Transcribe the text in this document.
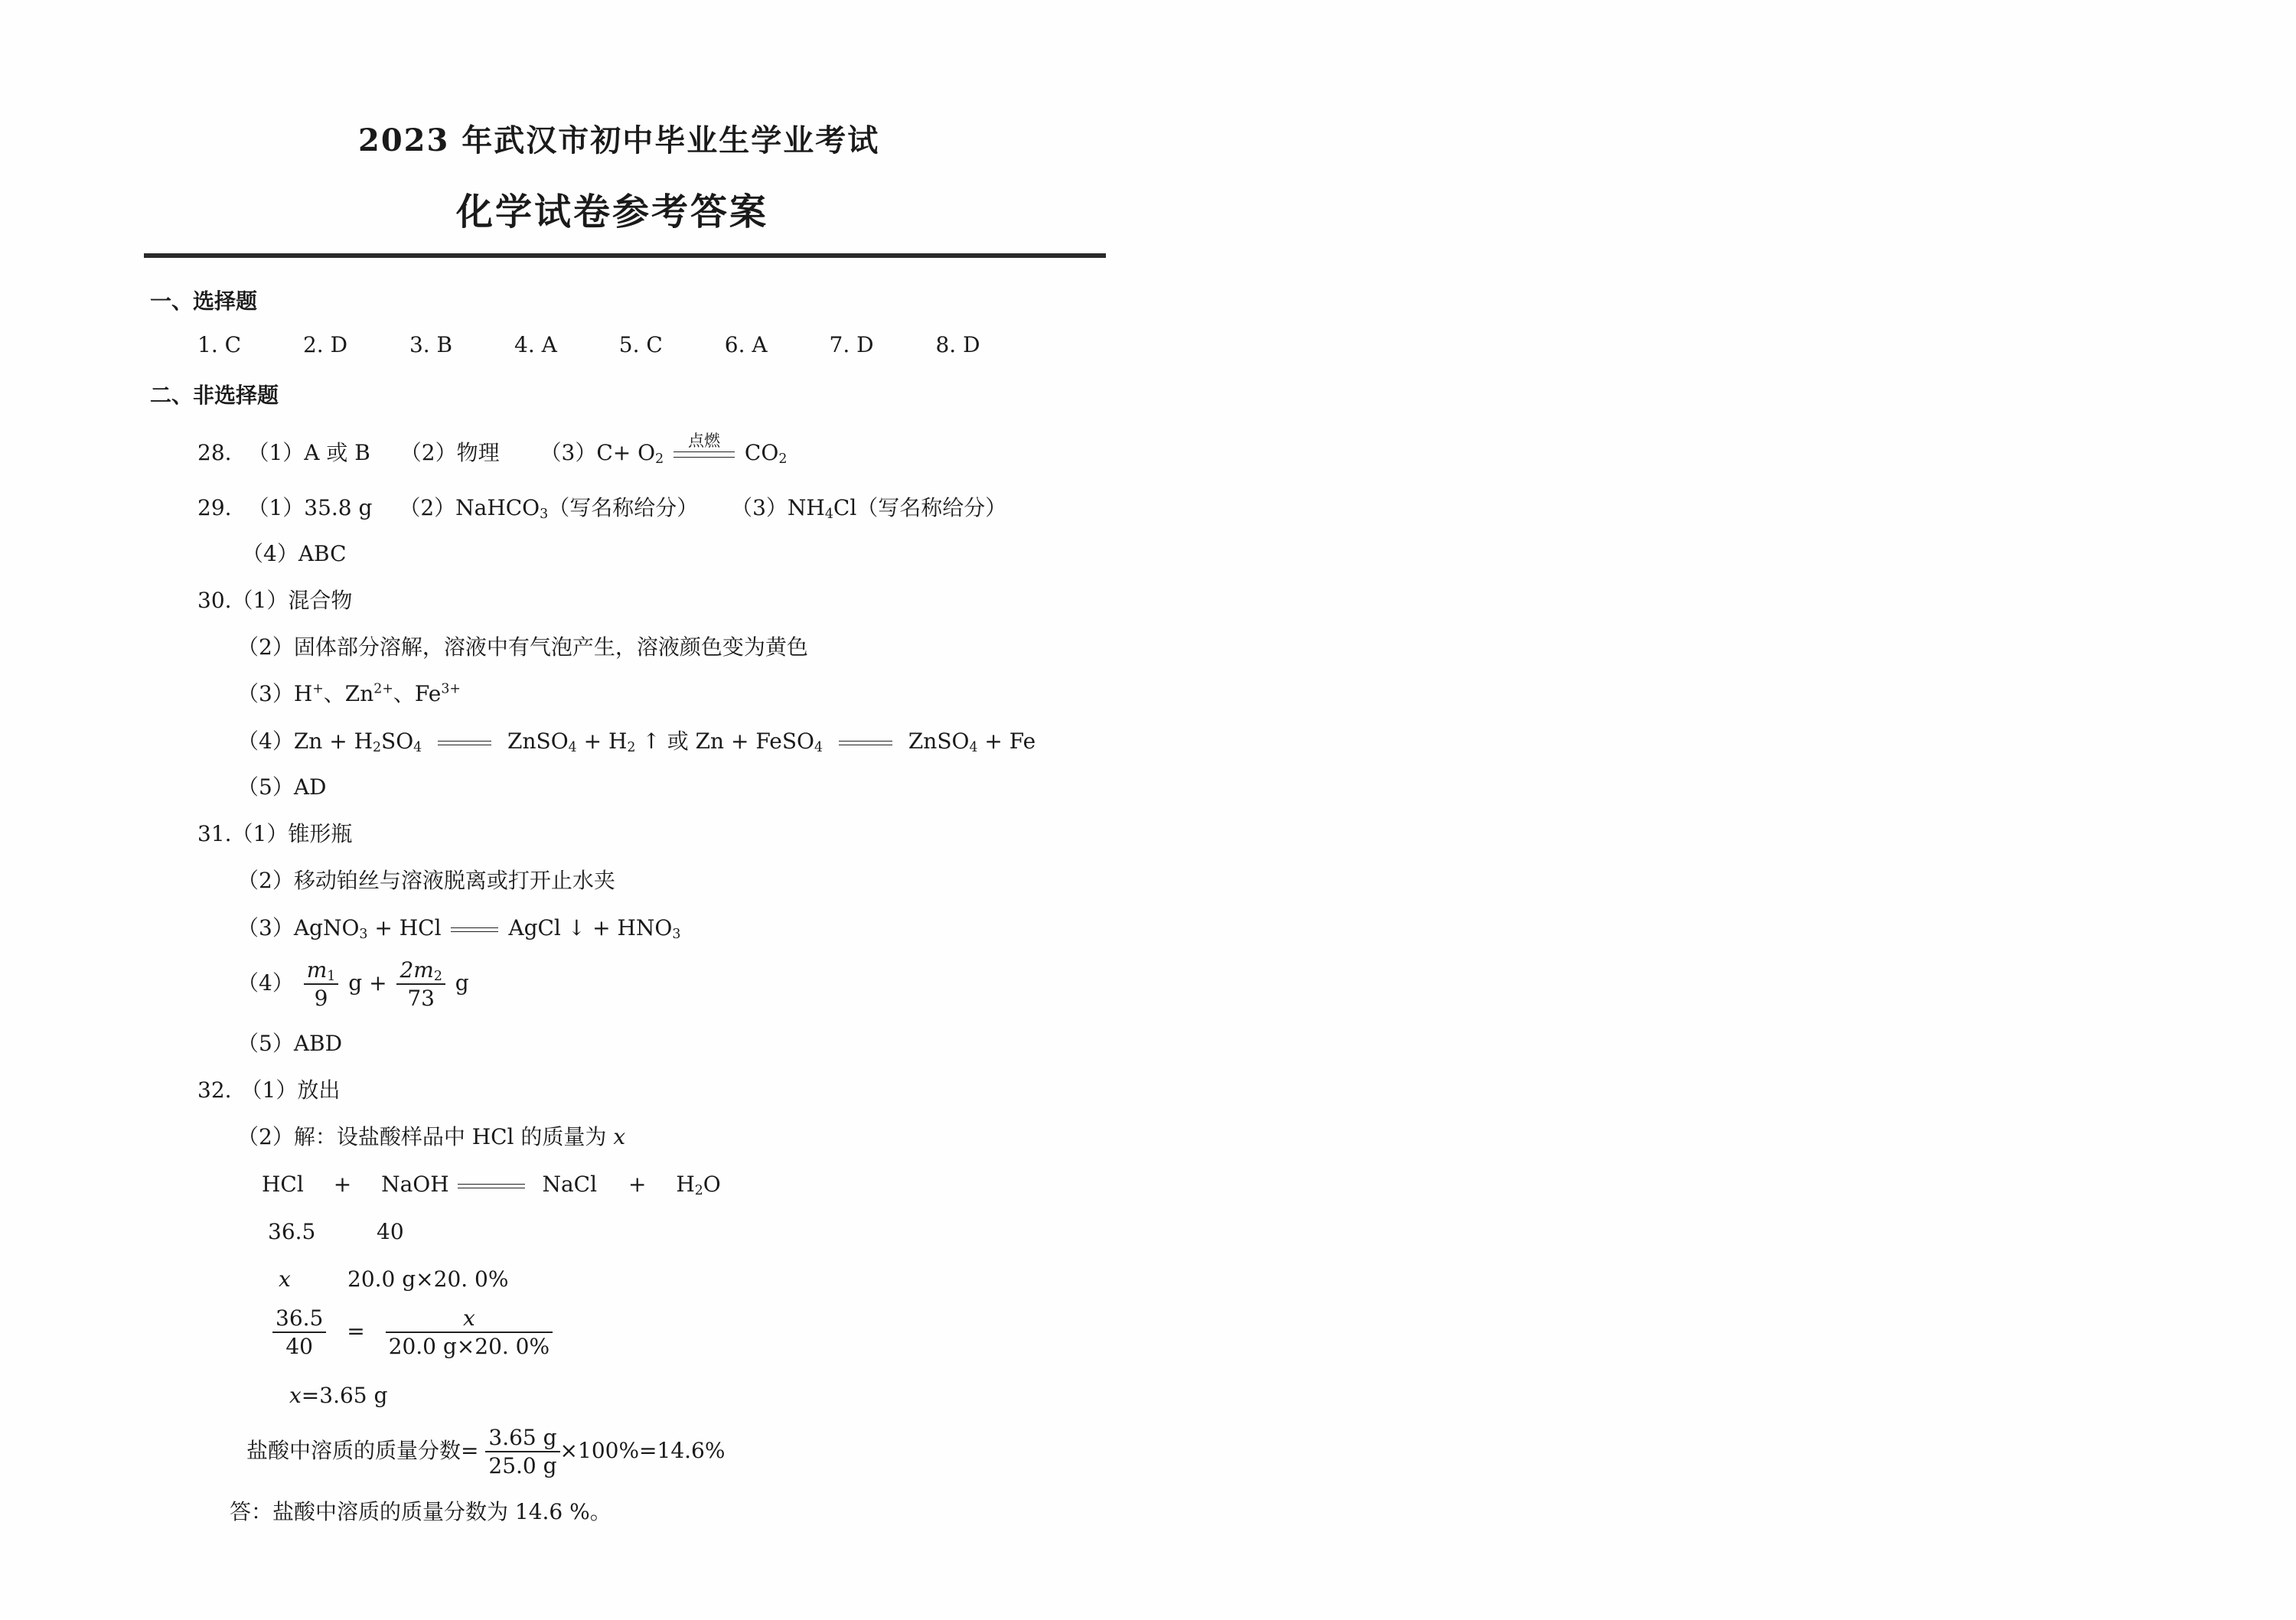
2023 年武汉市初中毕业生学业考试
化学试卷参考答案
一、选择题
1. C	2. D	3. B	4. A	5. C	6. A	7. D	8. D
二、非选择题
28. （1）A 或 B （2）物理 $(3)C+ O_2$
点燃	$CO_2$
29. （1）35.8 g （2）NaHCO$_3$（写名称给分） $(3)NH_4Cl$（写名称给分）
（4）ABC
30.（1）混合物
（2）固体部分溶解，溶液中有气泡产生，溶液颜色变为黄色
（3）H+、$Zn^{2+}$、$Fe^{3+}$
$(4)Zn + H_2SO_4$	ZnSO$_4$ + $H_2$ ↑ 或 Zn + FeSO$_4$	ZnSO$_4$ + Fe
（5）AD
31.（1）锥形瓶
（2）移动铂丝与溶液脱离或打开止水夹
（3）AgNO$_3$ + HCl	AgCl ↓ + $HNO_3$
$(4) \frac{m_1}{9}$ $g + \frac{2m_2}{73}$ g
（5）ABD
32. （1）放出
（2）解：设盐酸样品中 HCl 的质量为 x
HCl + NaOH	NaCl + $H_2O$
36.5	40
x	20.0 g×20. 0%
$\frac{36.5}{40} = \frac{x}{20.0 g\times 20. 0\%}$
x=3.65 g
盐酸中溶质的质量分数= $\frac{3.65 g}{25.0 g} \times 100\%=14.6\%$
答：盐酸中溶质的质量分数为 14.6 %。
